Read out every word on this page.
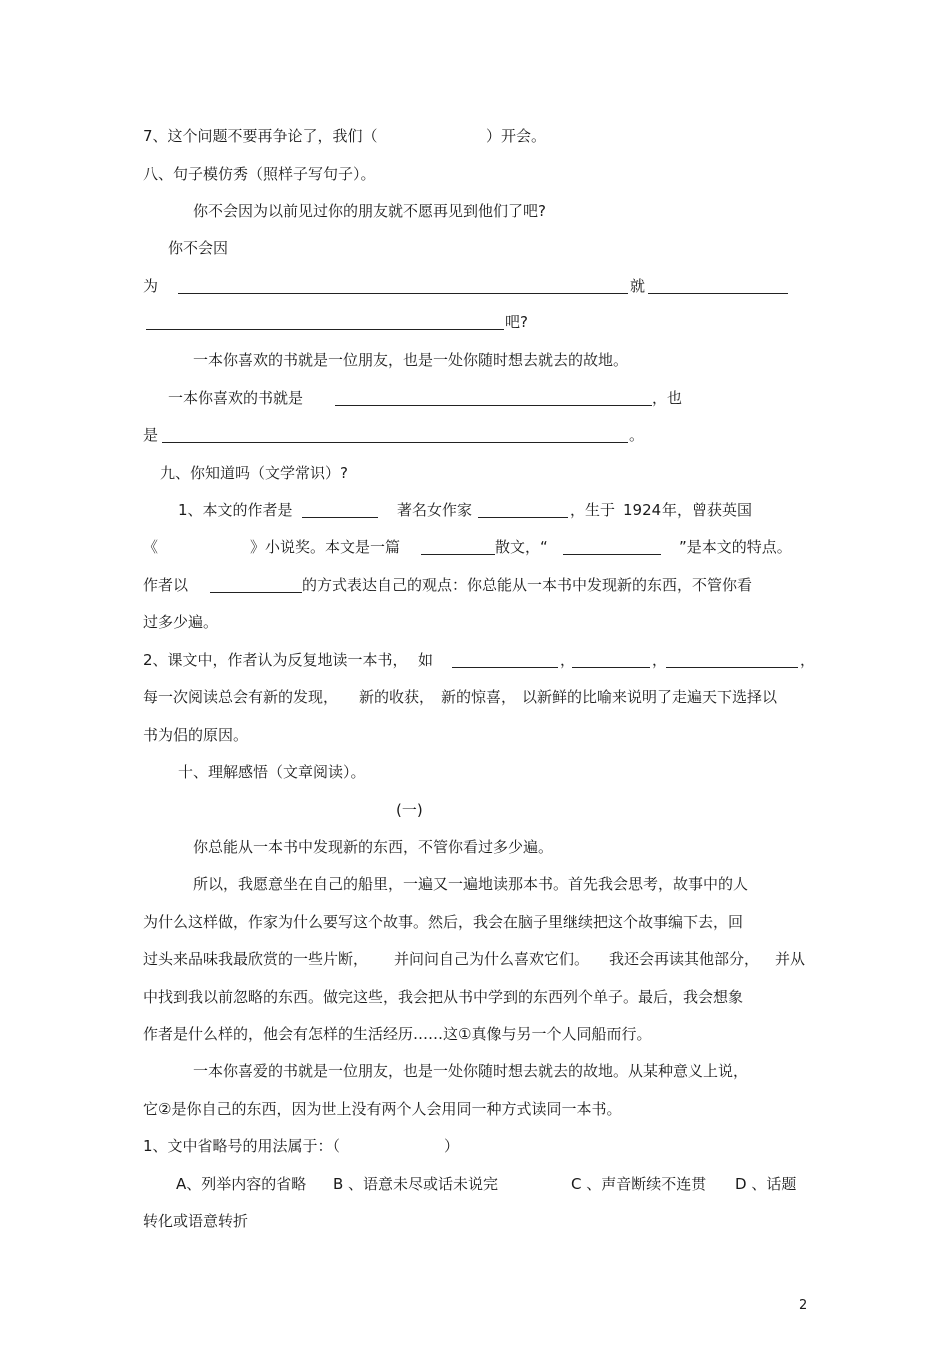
7、这个问题不要再争论了，我们（	）开会。
八、句子模仿秀（照样子写句子）。
你不会因为以前见过你的朋友就不愿再见到他们了吧?
你不会因
为	就
吧?
一本你喜欢的书就是一位朋友，也是一处你随时想去就去的故地。
一本你喜欢的书就是	，也
是	。
九、你知道吗（文学常识）?
1、本文的作者是	著名女作家	，生于 1924 年，曾获英国
《	》小说奖。本文是一篇	散文，“	”是本文的特点。
作者以	的方式表达自己的观点：你总能从一本书中发现新的东西，不管你看
过多少遍。
2、课文中，作者认为反复地读一本书， 如	，	，	，
每一次阅读总会有新的发现， 新的收获， 新的惊喜， 以新鲜的比喻来说明了走遍天下选择以
书为侣的原因。
十、理解感悟（文章阅读）。
(一)
你总能从一本书中发现新的东西，不管你看过多少遍。
所以，我愿意坐在自己的船里，一遍又一遍地读那本书。首先我会思考，故事中的人
为什么这样做，作家为什么要写这个故事。然后，我会在脑子里继续把这个故事编下去，回
过头来品味我最欣赏的一些片断， 并问问自己为什么喜欢它们。 我还会再读其他部分， 并从
中找到我以前忽略的东西。做完这些，我会把从书中学到的东西列个单子。最后，我会想象
作者是什么样的，他会有怎样的生活经历……这①真像与另一个人同船而行。
一本你喜爱的书就是一位朋友，也是一处你随时想去就去的故地。从某种意义上说，
它②是你自己的东西，因为世上没有两个人会用同一种方式读同一本书。
1、文中省略号的用法属于：（	）
A、列举内容的省略 B 、语意未尽或话未说完	C 、声音断续不连贯 D 、话题
转化或语意转折
2
